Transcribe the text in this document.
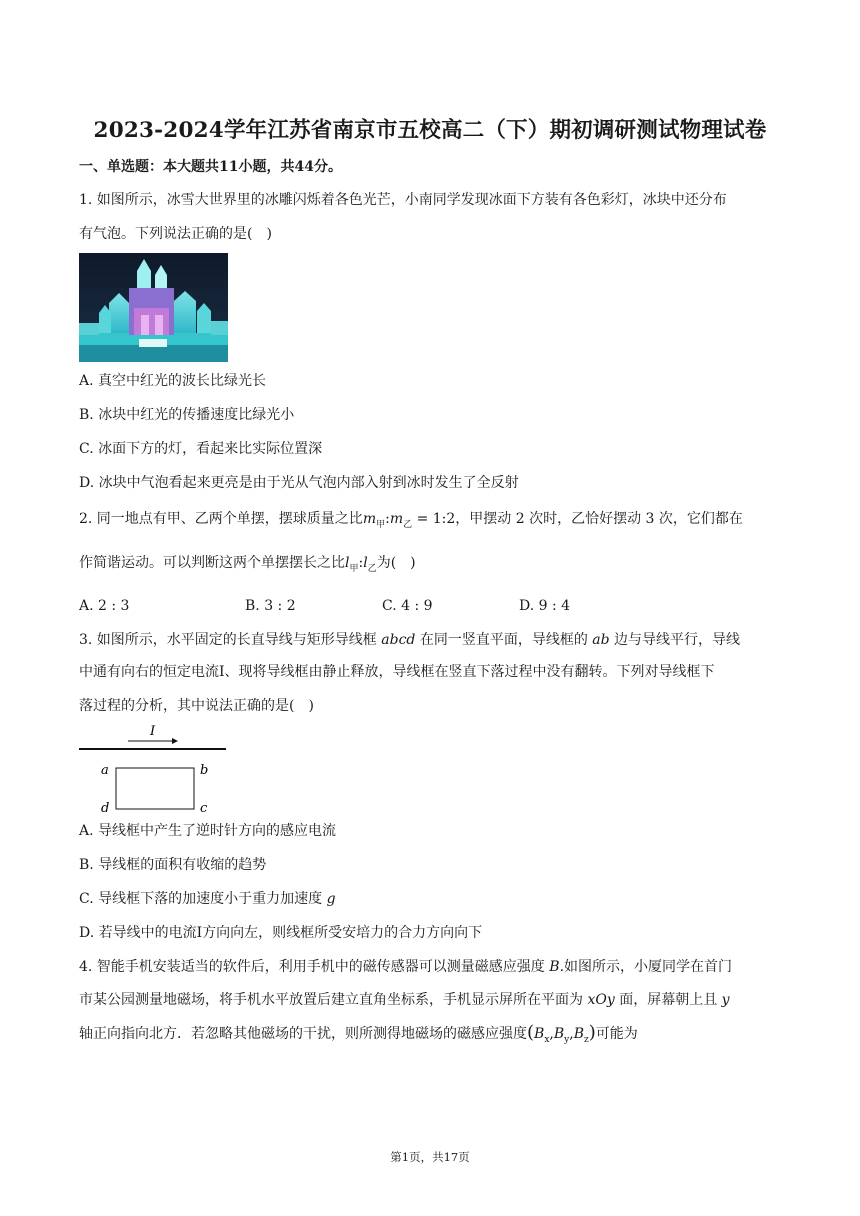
2023-2024学年江苏省南京市五校高二（下）期初调研测试物理试卷
一、单选题：本大题共11小题，共44分。
1. 如图所示，冰雪大世界里的冰雕闪烁着各色光芒，小南同学发现冰面下方装有各色彩灯，冰块中还分布
有气泡。下列说法正确的是(　)
A. 真空中红光的波长比绿光长
B. 冰块中红光的传播速度比绿光小
C. 冰面下方的灯，看起来比实际位置深
D. 冰块中气泡看起来更亮是由于光从气泡内部入射到冰时发生了全反射
2. 同一地点有甲、乙两个单摆，摆球质量之比$m_甲:m_乙$ = 1:2，甲摆动 2 次时，乙恰好摆动 3 次，它们都在
作简谐运动。可以判断这两个单摆摆长之比$l_甲:l_乙$为(　)
A. 2 : 3	B. 3 : 2	C. 4 : 9	D. 9 : 4
3. 如图所示，水平固定的长直导线与矩形导线框 abcd 在同一竖直平面，导线框的 ab 边与导线平行，导线
中通有向右的恒定电流Ⅰ、现将导线框由静止释放，导线框在竖直下落过程中没有翻转。下列对导线框下
落过程的分析，其中说法正确的是(　)
I
a	b
c
d
A. 导线框中产生了逆时针方向的感应电流
B. 导线框的面积有收缩的趋势
C. 导线框下落的加速度小于重力加速度 g
D. 若导线中的电流Ⅰ方向向左，则线框所受安培力的合力方向向下
4. 智能手机安装适当的软件后，利用手机中的磁传感器可以测量磁感应强度 B.如图所示，小厦同学在首门
市某公园测量地磁场，将手机水平放置后建立直角坐标系，手机显示屏所在平面为 xOy 面，屏幕朝上且 y
轴正向指向北方．若忽略其他磁场的干扰，则所测得地磁场的磁感应强度$(B_x,B_y,B_z)$可能为
第1页，共17页
